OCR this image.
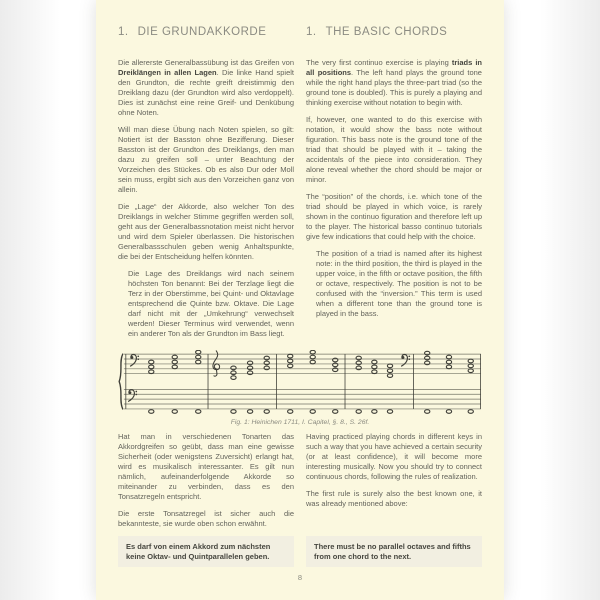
1. DIE GRUNDAKKORDE	1. THE BASIC CHORDS

Die allererste Generalbassübung ist das Greifen von Dreiklängen in allen Lagen. Die linke Hand spielt den Grundton, die rechte greift dreistimmig den Dreiklang dazu (der Grundton wird also verdoppelt). Dies ist zunächst eine reine Greif- und Denkübung ohne Noten.

Will man diese Übung nach Noten spielen, so gilt: Notiert ist der Basston ohne Bezifferung. Dieser Basston ist der Grundton des Dreiklangs, den man dazu zu greifen soll – unter Beachtung der Vorzeichen des Stückes. Ob es also Dur oder Moll sein muss, ergibt sich aus den Vorzeichen ganz von allein.

Die „Lage“ der Akkorde, also welcher Ton des Dreiklangs in welcher Stimme gegriffen werden soll, geht aus der Generalbassnotation meist nicht hervor und wird dem Spieler überlassen. Die historischen Generalbassschulen geben wenig Anhaltspunkte, die bei der Entscheidung helfen könnten.

Die Lage des Dreiklangs wird nach seinem höchsten Ton benannt: Bei der Terzlage liegt die Terz in der Oberstimme, bei Quint- und Oktavlage entsprechend die Quinte bzw. Oktave. Die Lage darf nicht mit der „Umkehrung“ verwechselt werden! Dieser Terminus wird verwendet, wenn ein anderer Ton als der Grundton im Bass liegt.

The very first continuo exercise is playing triads in all positions. The left hand plays the ground tone while the right hand plays the three-part triad (so the ground tone is doubled). This is purely a playing and thinking exercise without notation to begin with.

If, however, one wanted to do this exercise with notation, it would show the bass note without figuration. This bass note is the ground tone of the triad that should be played with it – taking the accidentals of the piece into consideration. They alone reveal whether the chord should be major or minor.

The “position” of the chords, i.e. which tone of the triad should be played in which voice, is rarely shown in the continuo figuration and therefore left up to the player. The historical basso continuo tutorials give few indications that could help with the choice.

The position of a triad is named after its highest note: in the third position, the third is played in the upper voice, in the fifth or octave position, the fifth or octave, respectively. The position is not to be confused with the “inversion.” This term is used when a different tone than the ground tone is played in the bass.

Fig. 1: Heinichen 1711, I. Capitel, §. 8., S. 26f.

Hat man in verschiedenen Tonarten das Akkordgreifen so geübt, dass man eine gewisse Sicherheit (oder wenigstens Zuversicht) erlangt hat, wird es musikalisch interessanter. Es gilt nun nämlich, aufeinanderfolgende Akkorde so miteinander zu verbinden, dass es den Tonsatzregeln entspricht.

Die erste Tonsatzregel ist sicher auch die bekannteste, sie wurde oben schon erwähnt.

Es darf von einem Akkord zum nächsten keine Oktav- und Quintparallelen geben.

Having practiced playing chords in different keys in such a way that you have achieved a certain security (or at least confidence), it will become more interesting musically. Now you should try to connect continuous chords, following the rules of realization.

The first rule is surely also the best known one, it was already mentioned above:

There must be no parallel octaves and fifths from one chord to the next.
8
